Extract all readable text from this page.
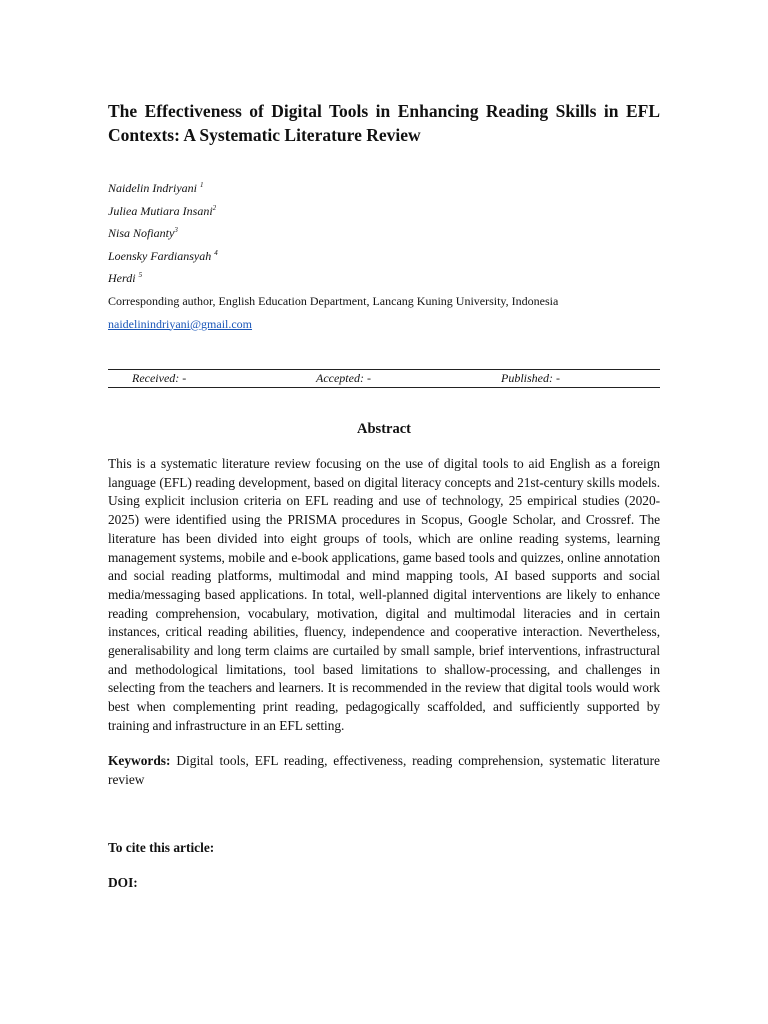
The Effectiveness of Digital Tools in Enhancing Reading Skills in EFL Contexts: A Systematic Literature Review
Naidelin Indriyani $^1$
Juliea Mutiara Insani$^2$
Nisa Nofianty$^3$
Loensky Fardiansyah $^4$
Herdi $^5$
Corresponding author, English Education Department, Lancang Kuning University, Indonesia
naidelinindriyani@gmail.com
Received: -	Accepted: -	Published: -
Abstract

This is a systematic literature review focusing on the use of digital tools to aid English as a foreign language (EFL) reading development, based on digital literacy concepts and 21st-century skills models. Using explicit inclusion criteria on EFL reading and use of technology, 25 empirical studies (2020-2025) were identified using the PRISMA procedures in Scopus, Google Scholar, and Crossref. The literature has been divided into eight groups of tools, which are online reading systems, learning management systems, mobile and e-book applications, game based tools and quizzes, online annotation and social reading platforms, multimodal and mind mapping tools, AI based supports and social media/messaging based applications. In total, well-planned digital interventions are likely to enhance reading comprehension, vocabulary, motivation, digital and multimodal literacies and in certain instances, critical reading abilities, fluency, independence and cooperative interaction. Nevertheless, generalisability and long term claims are curtailed by small sample, brief interventions, infrastructural and methodological limitations, tool based limitations to shallow-processing, and challenges in selecting from the teachers and learners. It is recommended in the review that digital tools would work best when complementing print reading, pedagogically scaffolded, and sufficiently supported by training and infrastructure in an EFL setting.

Keywords: Digital tools, EFL reading, effectiveness, reading comprehension, systematic literature review

To cite this article:

DOI:
